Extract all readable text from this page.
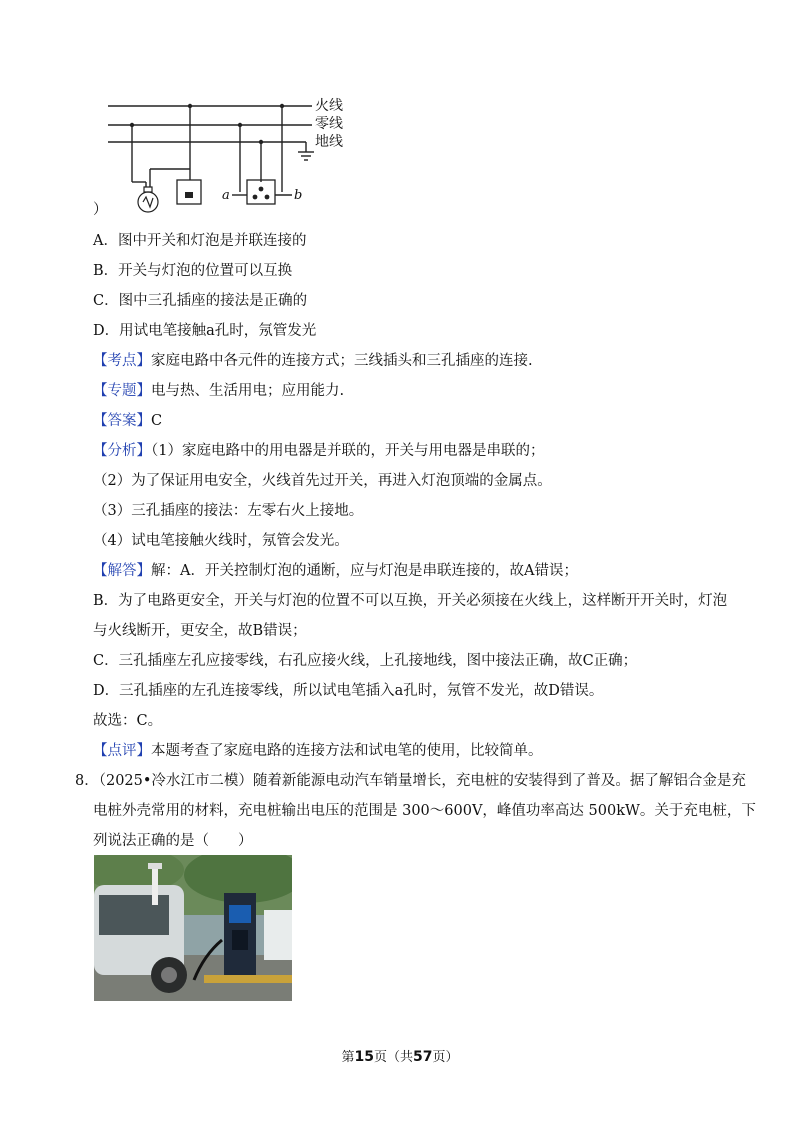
火线
零线
地线
a	b
）
A．图中开关和灯泡是并联连接的
B．开关与灯泡的位置可以互换
C．图中三孔插座的接法是正确的
D．用试电笔接触a孔时，氖管发光
【考点】家庭电路中各元件的连接方式；三线插头和三孔插座的连接.
【专题】电与热、生活用电；应用能力.
【答案】C
【分析】（1）家庭电路中的用电器是并联的，开关与用电器是串联的；
（2）为了保证用电安全，火线首先过开关，再进入灯泡顶端的金属点。
（3）三孔插座的接法：左零右火上接地。
（4）试电笔接触火线时，氖管会发光。
【解答】解：A．开关控制灯泡的通断，应与灯泡是串联连接的，故A错误；
B．为了电路更安全，开关与灯泡的位置不可以互换，开关必须接在火线上，这样断开开关时，灯泡
与火线断开，更安全，故B错误；
C．三孔插座左孔应接零线，右孔应接火线，上孔接地线，图中接法正确，故C正确；
D．三孔插座的左孔连接零线，所以试电笔插入a孔时，氖管不发光，故D错误。
故选：C。
【点评】本题考查了家庭电路的连接方法和试电笔的使用，比较简单。
8．（2025•冷水江市二模）随着新能源电动汽车销量增长，充电桩的安装得到了普及。据了解铝合金是充
电桩外壳常用的材料，充电桩输出电压的范围是 300～600V，峰值功率高达 500kW。关于充电桩，下
列说法正确的是（　　）
第15页（共57页）
